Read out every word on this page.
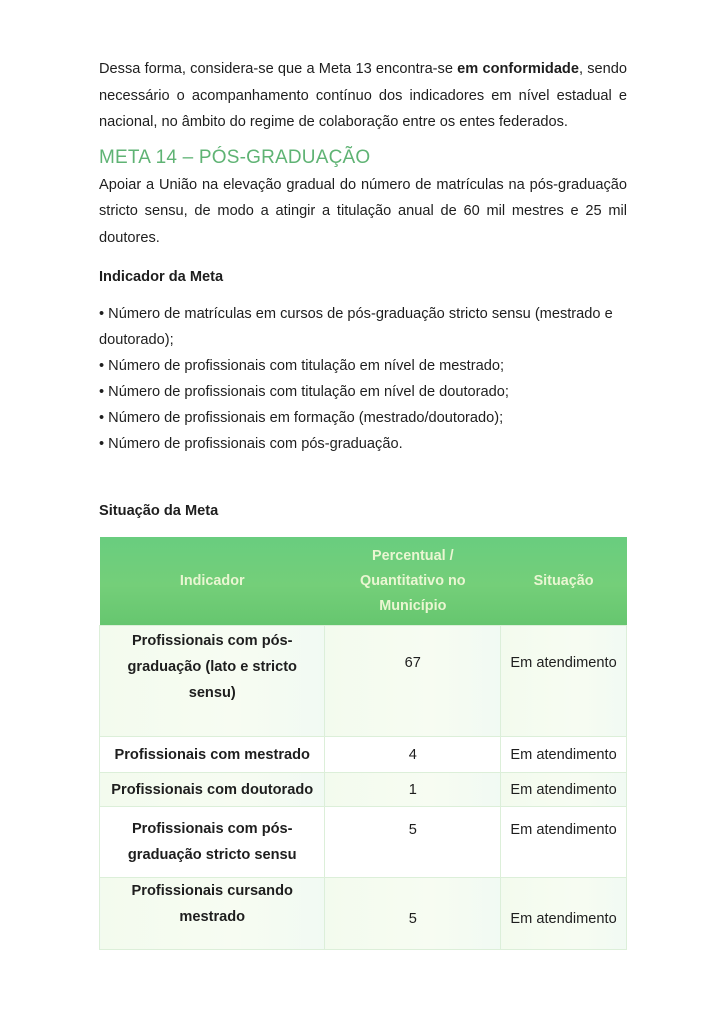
Dessa forma, considera-se que a Meta 13 encontra-se em conformidade, sendo necessário o acompanhamento contínuo dos indicadores em nível estadual e nacional, no âmbito do regime de colaboração entre os entes federados.

META 14 – PÓS-GRADUAÇÃO

Apoiar a União na elevação gradual do número de matrículas na pós-graduação stricto sensu, de modo a atingir a titulação anual de 60 mil mestres e 25 mil doutores.

Indicador da Meta
• Número de matrículas em cursos de pós-graduação stricto sensu (mestrado e doutorado);
• Número de profissionais com titulação em nível de mestrado;
• Número de profissionais com titulação em nível de doutorado;
• Número de profissionais em formação (mestrado/doutorado);
• Número de profissionais com pós-graduação.
Situação da Meta
Indicador	Percentual / Quantitativo no Município	Situação
Profissionais com pós-graduação (lato e stricto sensu)	67	Em atendimento
Profissionais com mestrado	4	Em atendimento
Profissionais com doutorado	1	Em atendimento
Profissionais com pós-graduação stricto sensu	5	Em atendimento
Profissionais cursando mestrado	5	Em atendimento
